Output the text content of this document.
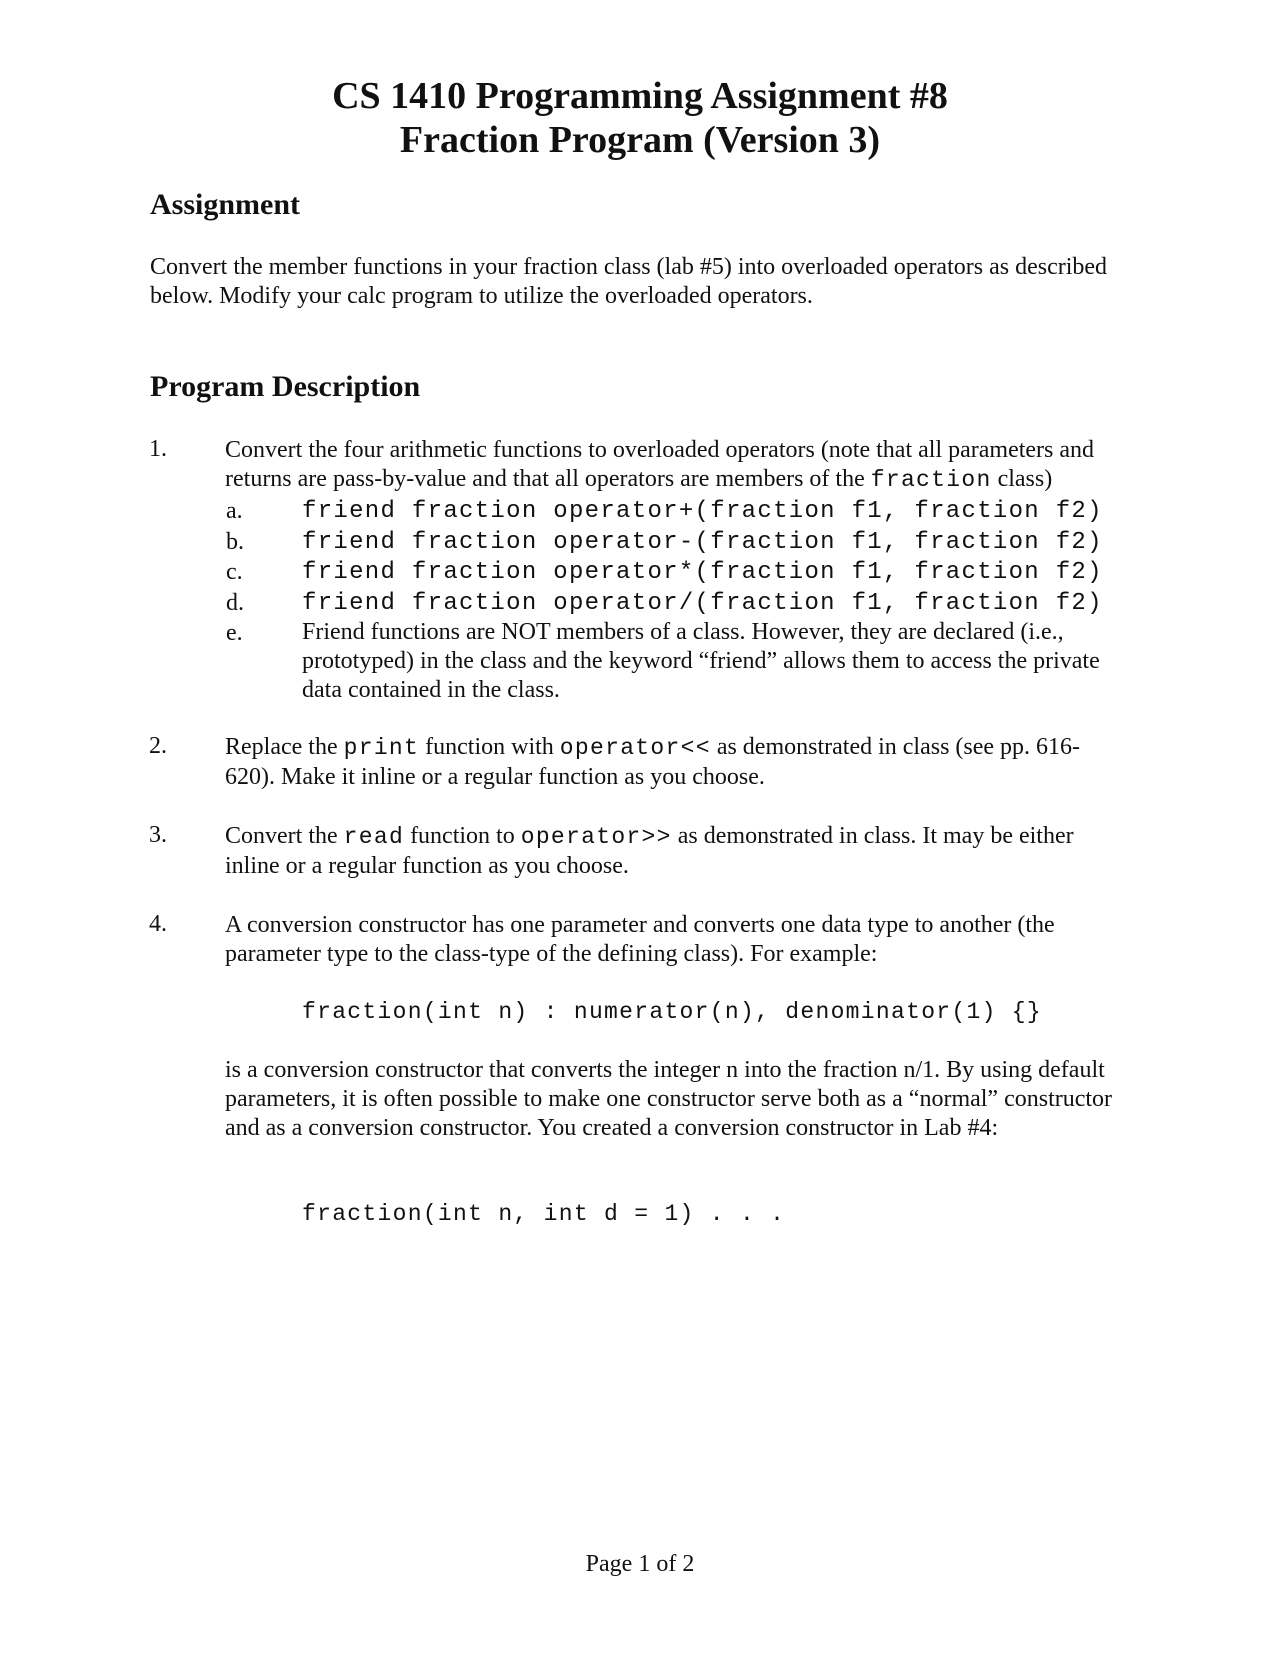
CS 1410 Programming Assignment #8
Fraction Program (Version 3)
Assignment

Convert the member functions in your fraction class (lab #5) into overloaded operators as described below. Modify your calc program to utilize the overloaded operators.

Program Description
1. Convert the four arithmetic functions to overloaded operators (note that all parameters and returns are pass-by-value and that all operators are members of the fraction class)

a. friend fraction operator+(fraction f1, fraction f2)
b. friend fraction operator-(fraction f1, fraction f2)
c. friend fraction operator*(fraction f1, fraction f2)
d. friend fraction operator/(fraction f1, fraction f2)
e. Friend functions are NOT members of a class. However, they are declared (i.e., prototyped) in the class and the keyword “friend” allows them to access the private data contained in the class.

2. Replace the print function with operator<< as demonstrated in class (see pp. 616-620). Make it inline or a regular function as you choose.

3. Convert the read function to operator>> as demonstrated in class. It may be either inline or a regular function as you choose.

4. A conversion constructor has one parameter and converts one data type to another (the parameter type to the class-type of the defining class). For example:

fraction(int n) : numerator(n), denominator(1) {}

is a conversion constructor that converts the integer n into the fraction n/1. By using default parameters, it is often possible to make one constructor serve both as a “normal” constructor and as a conversion constructor. You created a conversion constructor in Lab #4:

fraction(int n, int d = 1) . . .
Page 1 of 2
